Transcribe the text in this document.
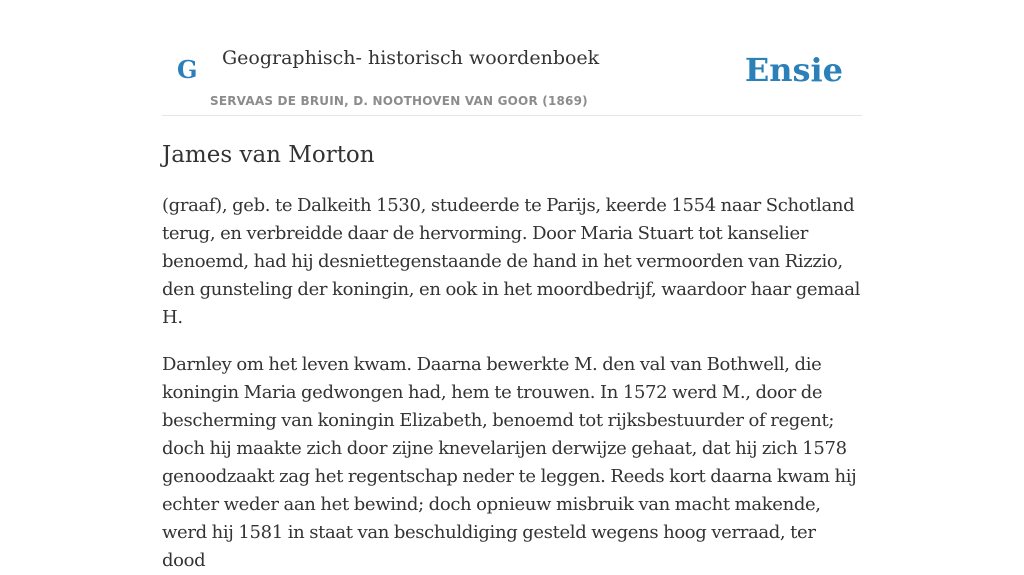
G Geographisch- historisch woordenboek
SERVAAS DE BRUIN, D. NOOTHOVEN VAN GOOR (1869)
Ensie
James van Morton

(graaf), geb. te Dalkeith 1530, studeerde te Parijs, keerde 1554 naar Schotland terug, en verbreidde daar de hervorming. Door Maria Stuart tot kanselier benoemd, had hij desniettegenstaande de hand in het vermoorden van Rizzio, den gunsteling der koningin, en ook in het moordbedrijf, waardoor haar gemaal H.

Darnley om het leven kwam. Daarna bewerkte M. den val van Bothwell, die koningin Maria gedwongen had, hem te trouwen. In 1572 werd M., door de bescherming van koningin Elizabeth, benoemd tot rijksbestuurder of regent; doch hij maakte zich door zijne knevelarijen derwijze gehaat, dat hij zich 1578 genoodzaakt zag het regentschap neder te leggen. Reeds kort daarna kwam hij echter weder aan het bewind; doch opnieuw misbruik van macht makende, werd hij 1581 in staat van beschuldiging gesteld wegens hoog verraad, ter dood
